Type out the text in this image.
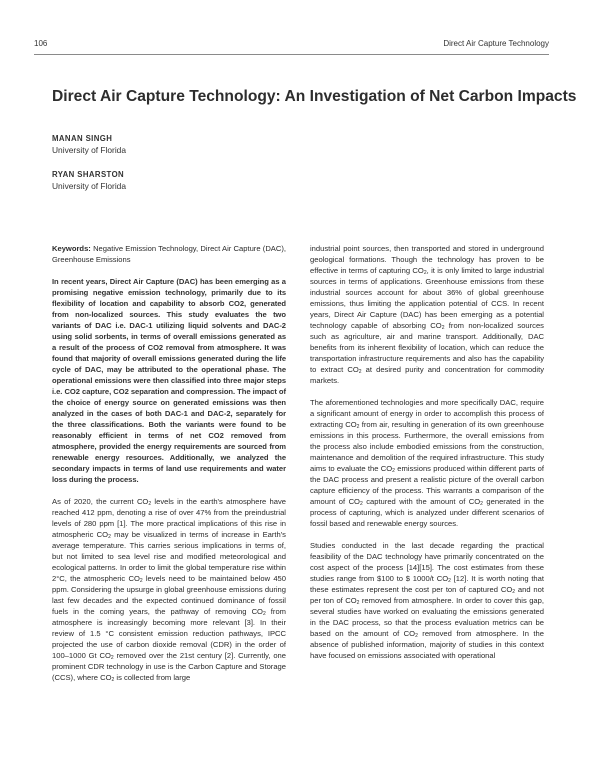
106	Direct Air Capture Technology
Direct Air Capture Technology: An Investigation of Net Carbon Impacts
MANAN SINGH
University of Florida
RYAN SHARSTON
University of Florida

Keywords: Negative Emission Technology, Direct Air Capture (DAC), Greenhouse Emissions

In recent years, Direct Air Capture (DAC) has been emerging as a promising negative emission technology, primarily due to its flexibility of location and capability to absorb CO2, generated from non-localized sources. This study evaluates the two variants of DAC i.e. DAC-1 utilizing liquid solvents and DAC-2 using solid sorbents, in terms of overall emissions generated as a result of the process of CO2 removal from atmosphere. It was found that majority of overall emissions generated during the life cycle of DAC, may be attributed to the operational phase. The operational emissions were then classified into three major steps i.e. CO2 capture, CO2 separation and compression. The impact of the choice of energy source on generated emissions was then analyzed in the cases of both DAC-1 and DAC-2, separately for the three classifications. Both the variants were found to be reasonably efficient in terms of net CO2 removed from atmosphere, provided the energy requirements are sourced from renewable energy resources. Additionally, we analyzed the secondary impacts in terms of land use requirements and water loss during the process.

As of 2020, the current $CO_2$ levels in the earth's atmosphere have reached 412 ppm, denoting a rise of over 47% from the preindustrial levels of 280 ppm [1]. The more practical implications of this rise in atmospheric $CO_2$ may be visualized in terms of increase in Earth's average temperature. This carries serious implications in terms of, but not limited to sea level rise and modified meteorological and ecological patterns. In order to limit the global temperature rise within 2°C, the atmospheric $CO_2$ levels need to be maintained below 450 ppm. Considering the upsurge in global greenhouse emissions during last few decades and the expected continued dominance of fossil fuels in the coming years, the pathway of removing $CO_2$ from atmosphere is increasingly becoming more relevant [3]. In their review of 1.5 °C consistent emission reduction pathways, IPCC projected the use of carbon dioxide removal (CDR) in the order of 100–1000 Gt $CO_2$ removed over the 21st century [2]. Currently, one prominent CDR technology in use is the Carbon Capture and Storage (CCS), where $CO_2$ is collected from large

industrial point sources, then transported and stored in underground geological formations. Though the technology has proven to be effective in terms of capturing $CO_2$, it is only limited to large industrial sources in terms of applications. Greenhouse emissions from these industrial sources account for about 36% of global greenhouse emissions, thus limiting the application potential of CCS. In recent years, Direct Air Capture (DAC) has been emerging as a potential technology capable of absorbing $CO_2$ from non-localized sources such as agriculture, air and marine transport. Additionally, DAC benefits from its inherent flexibility of location, which can reduce the transportation infrastructure requirements and also has the capability to extract $CO_2$ at desired purity and concentration for commodity markets.

The aforementioned technologies and more specifically DAC, require a significant amount of energy in order to accomplish this process of extracting $CO_2$ from air, resulting in generation of its own greenhouse emissions in this process. Furthermore, the overall emissions from the process also include embodied emissions from the construction, maintenance and demolition of the required infrastructure. This study aims to evaluate the $CO_2$ emissions produced within different parts of the DAC process and present a realistic picture of the overall carbon capture efficiency of the process. This warrants a comparison of the amount of $CO_2$ captured with the amount of $CO_2$ generated in the process of capturing, which is analyzed under different scenarios of fossil based and renewable energy sources.

Studies conducted in the last decade regarding the practical feasibility of the DAC technology have primarily concentrated on the cost aspect of the process [14][15]. The cost estimates from these studies range from $100 to $ 1000/t $CO_2$ [12]. It is worth noting that these estimates represent the cost per ton of captured $CO_2$ and not per ton of $CO_2$ removed from atmosphere. In order to cover this gap, several studies have worked on evaluating the emissions generated in the DAC process, so that the process evaluation metrics can be based on the amount of $CO_2$ removed from atmosphere. In the absence of published information, majority of studies in this context have focused on emissions associated with operational
